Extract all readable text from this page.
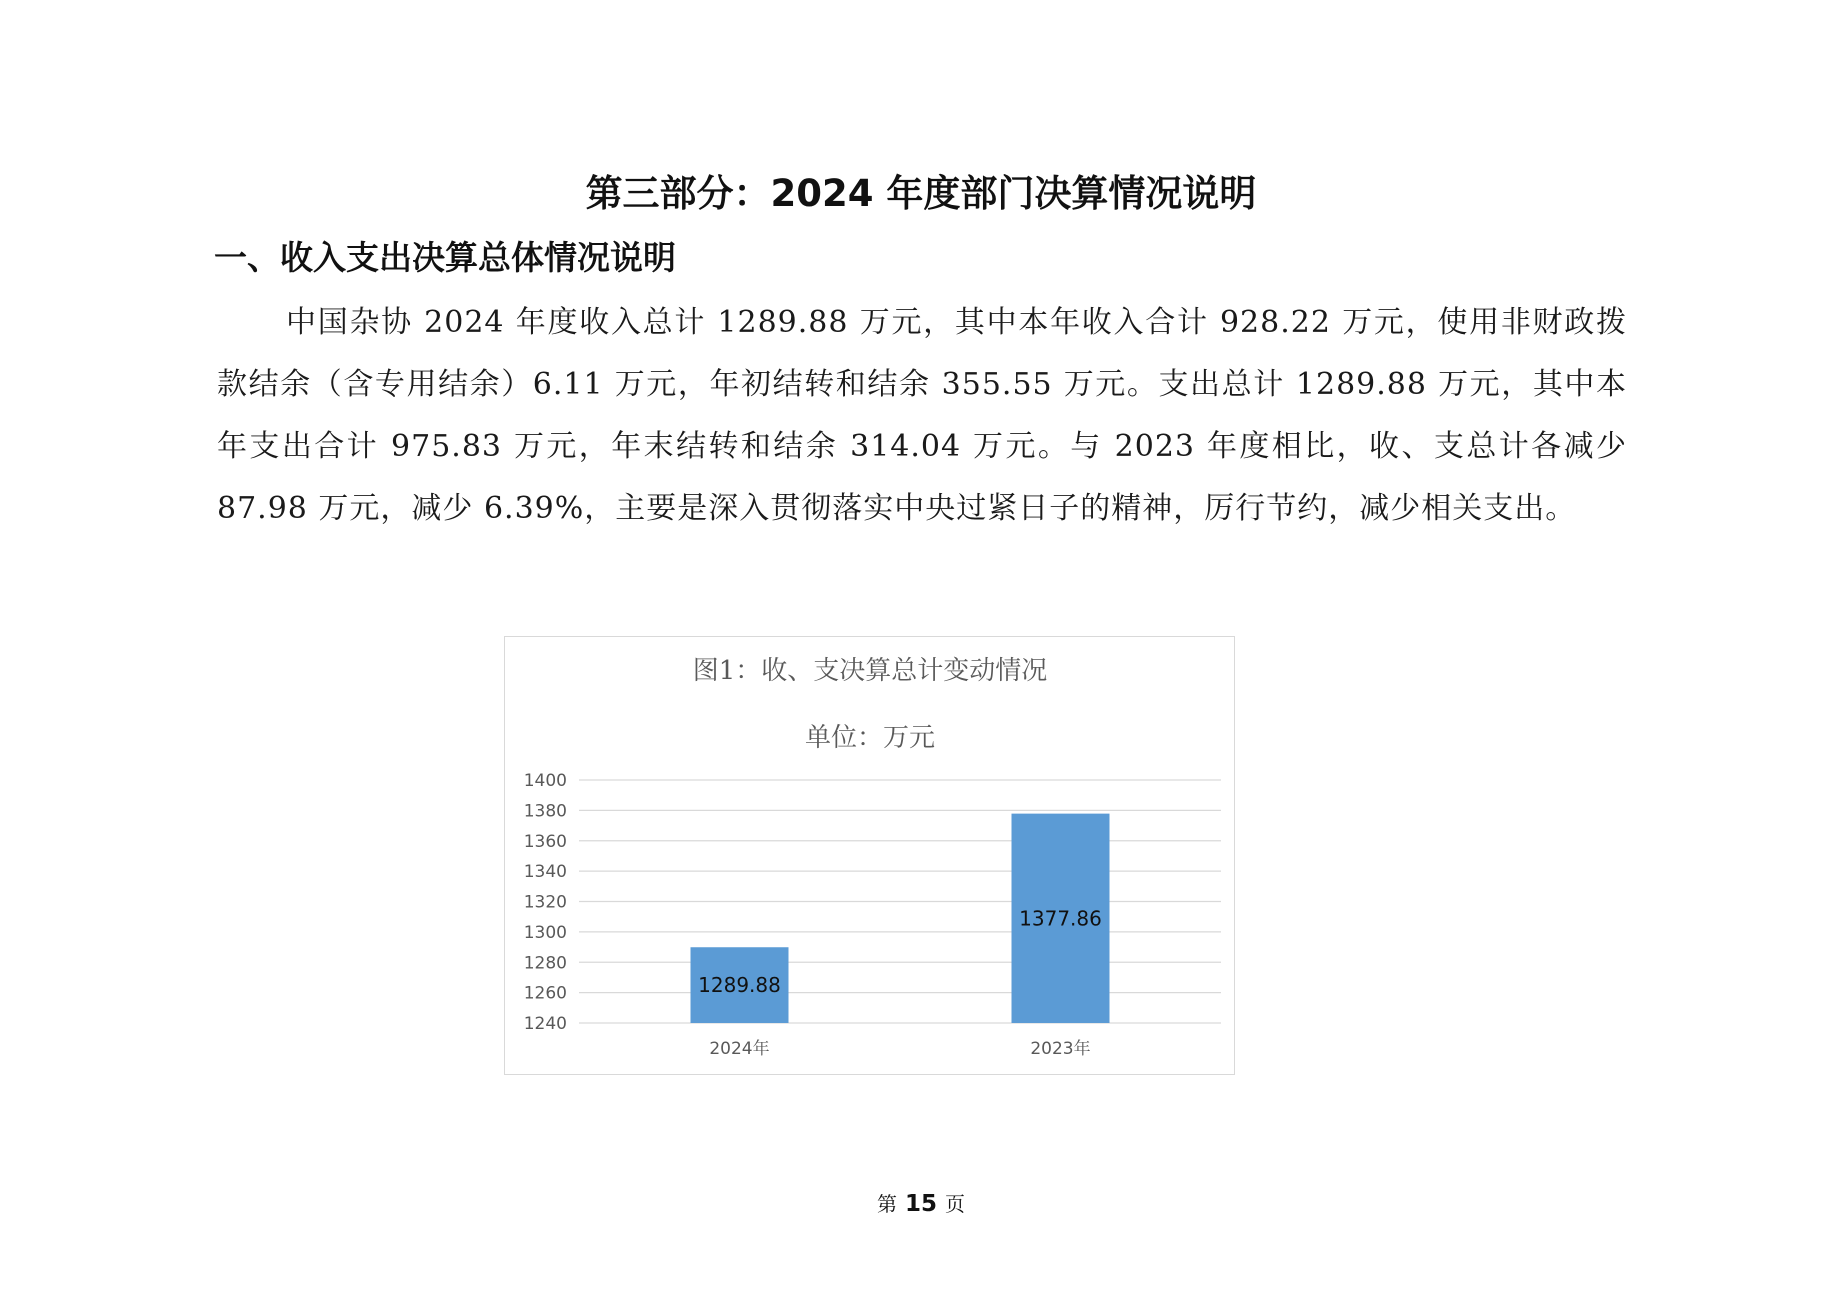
第三部分：2024 年度部门决算情况说明
一、收入支出决算总体情况说明

中国杂协 2024 年度收入总计 1289.88 万元，其中本年收入合计 928.22 万元，使用非财政拨款结余（含专用结余）6.11 万元，年初结转和结余 355.55 万元。支出总计 1289.88 万元，其中本年支出合计 975.83 万元，年末结转和结余 314.04 万元。与 2023 年度相比，收、支总计各减少 87.98 万元，减少 6.39%，主要是深入贯彻落实中央过紧日子的精神，厉行节约，减少相关支出。

图1：收、支决算总计变动情况
单位：万元
1240
1260
1280
1300
1320
1340
1360
1380
1400
1289.88
2024年
1377.86
2023年
第 15 页
